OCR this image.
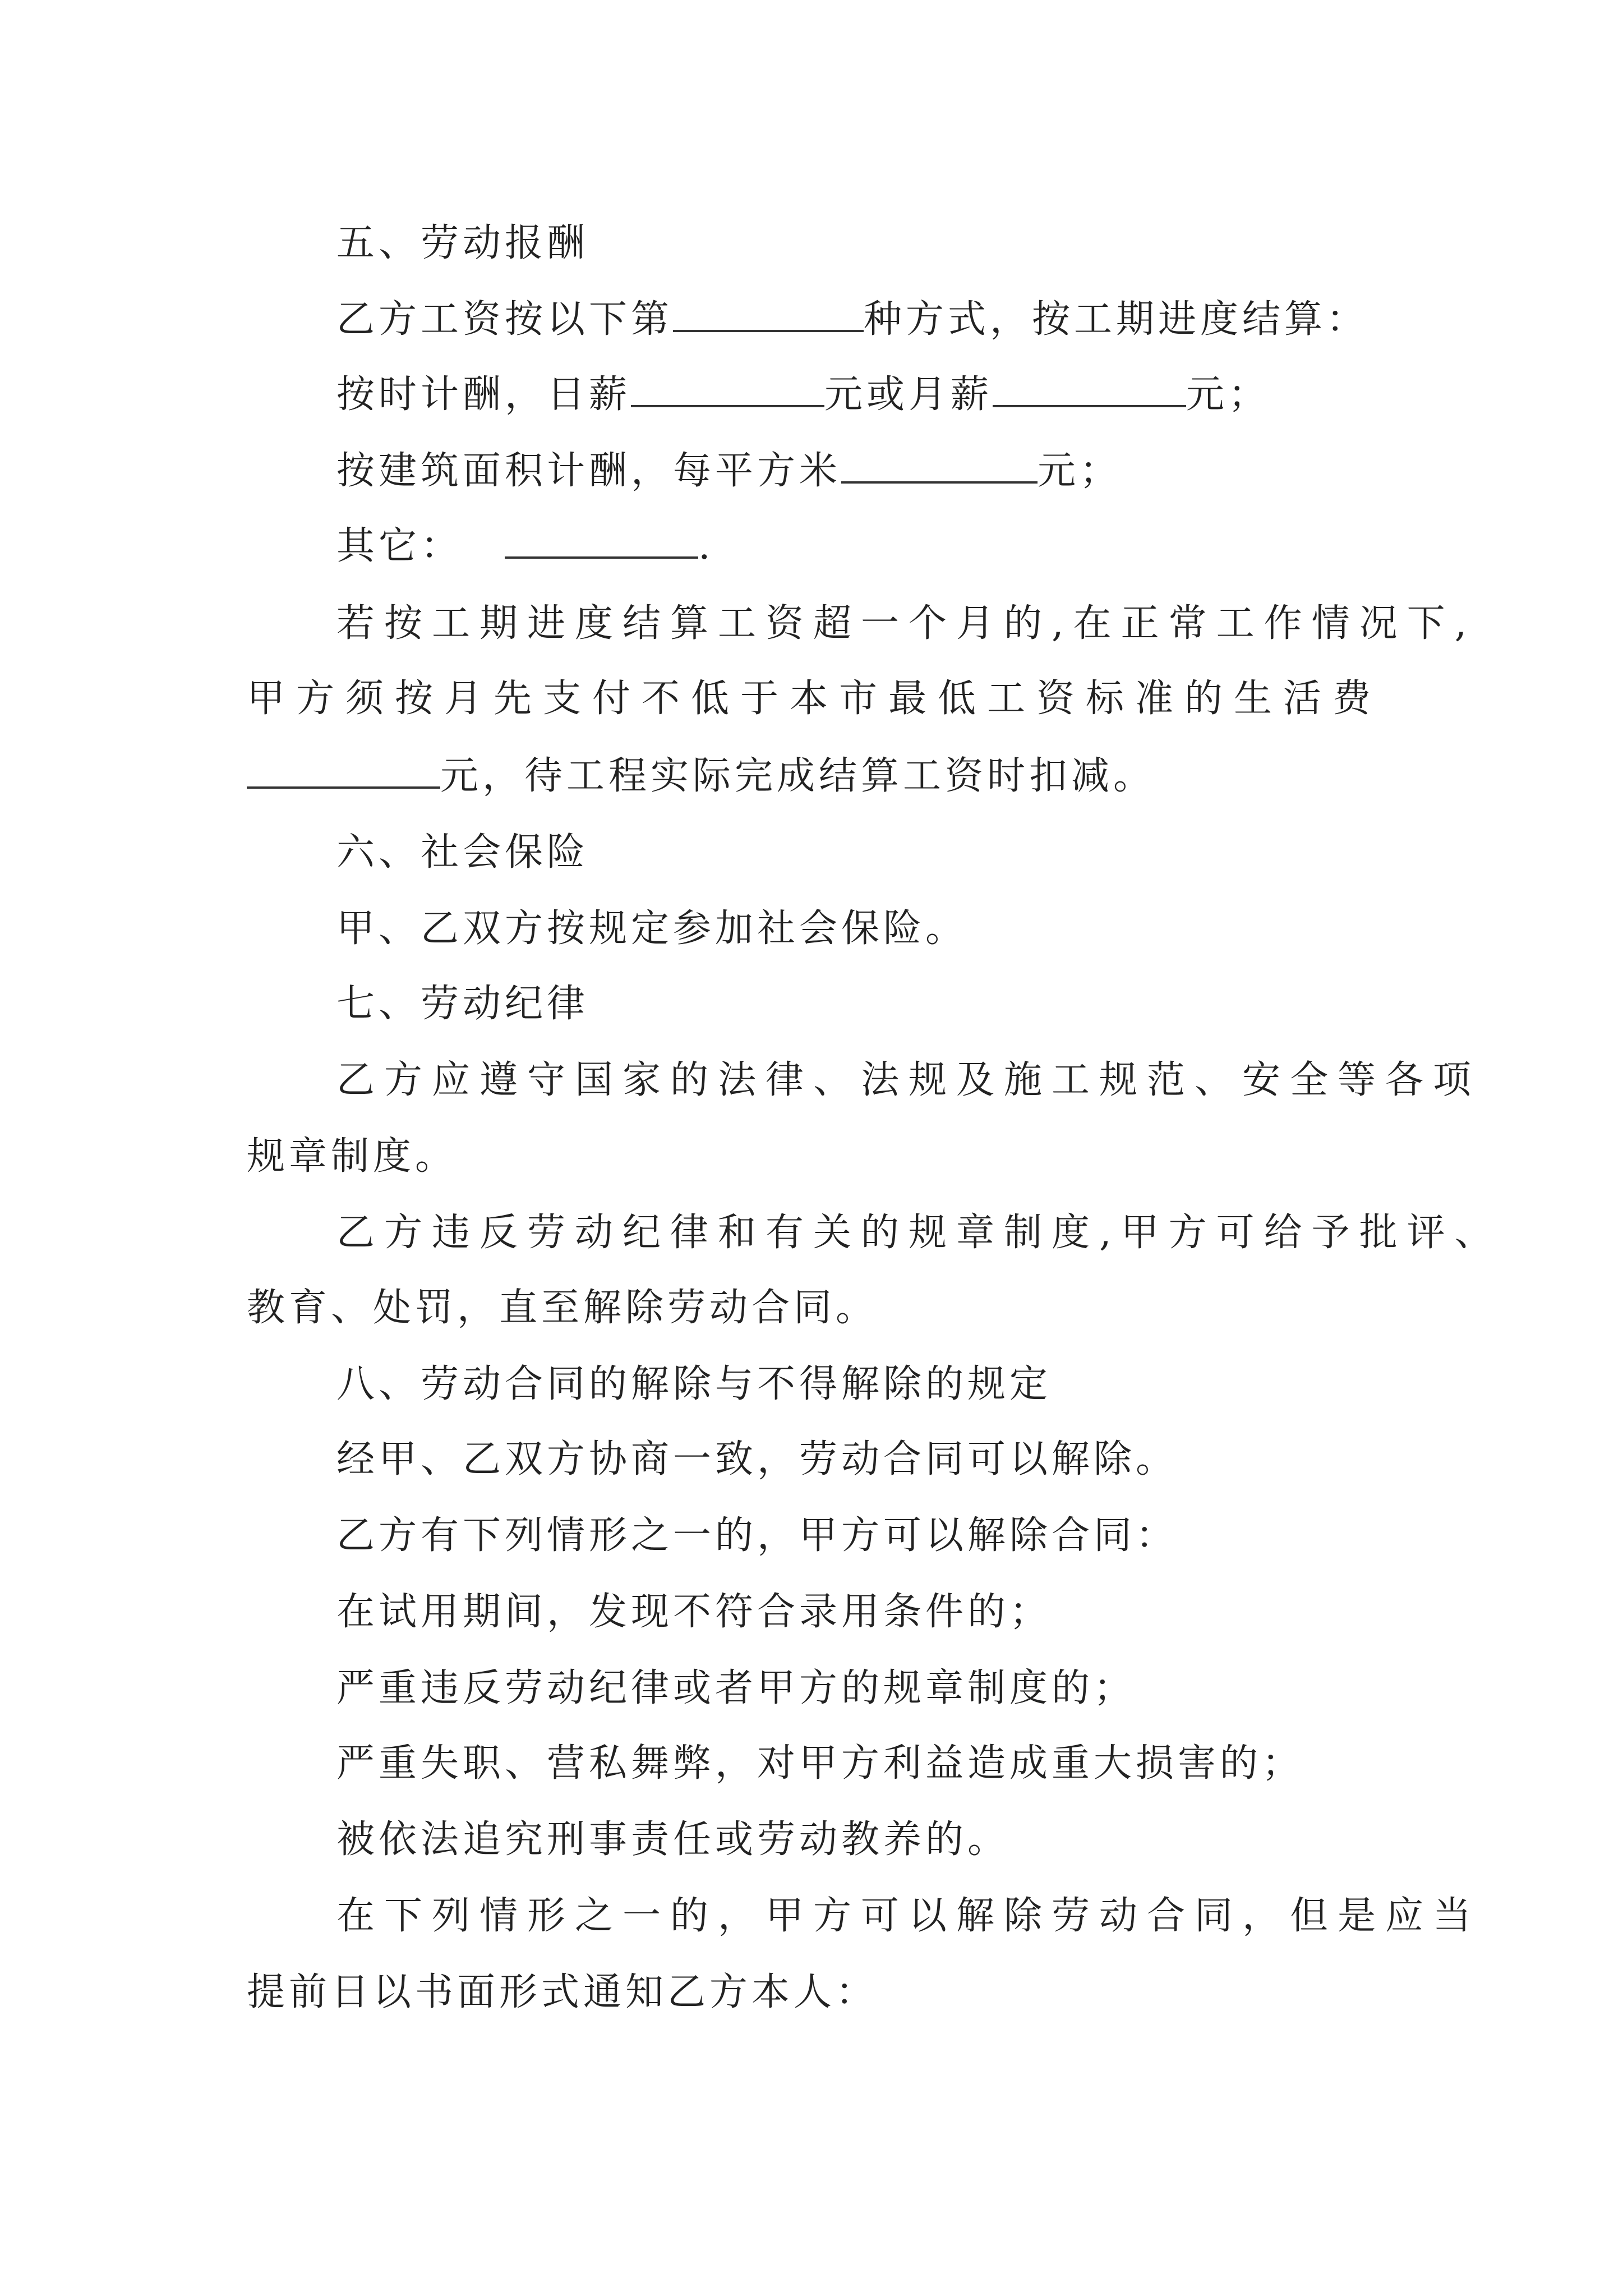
五、劳动报酬
乙方工资按以下第	种方式，按工期进度结算：
按时计酬，日薪	元或月薪	元；
按建筑面积计酬，每平方米	元；
其它： 	.
若按工期进度结算工资超一个月的,在正常工作情况下,
甲方须按月先支付不低于本市最低工资标准的生活费
元，待工程实际完成结算工资时扣减。
六、社会保险
甲、乙双方按规定参加社会保险。
七、劳动纪律
乙方应遵守国家的法律、法规及施工规范、安全等各项
规章制度。
乙方违反劳动纪律和有关的规章制度,甲方可给予批评、
教育、处罚，直至解除劳动合同。
八、劳动合同的解除与不得解除的规定
经甲、乙双方协商一致，劳动合同可以解除。
乙方有下列情形之一的，甲方可以解除合同：
在试用期间，发现不符合录用条件的；
严重违反劳动纪律或者甲方的规章制度的；
严重失职、营私舞弊，对甲方利益造成重大损害的；
被依法追究刑事责任或劳动教养的。
在下列情形之一的，甲方可以解除劳动合同，但是应当
提前日以书面形式通知乙方本人：
